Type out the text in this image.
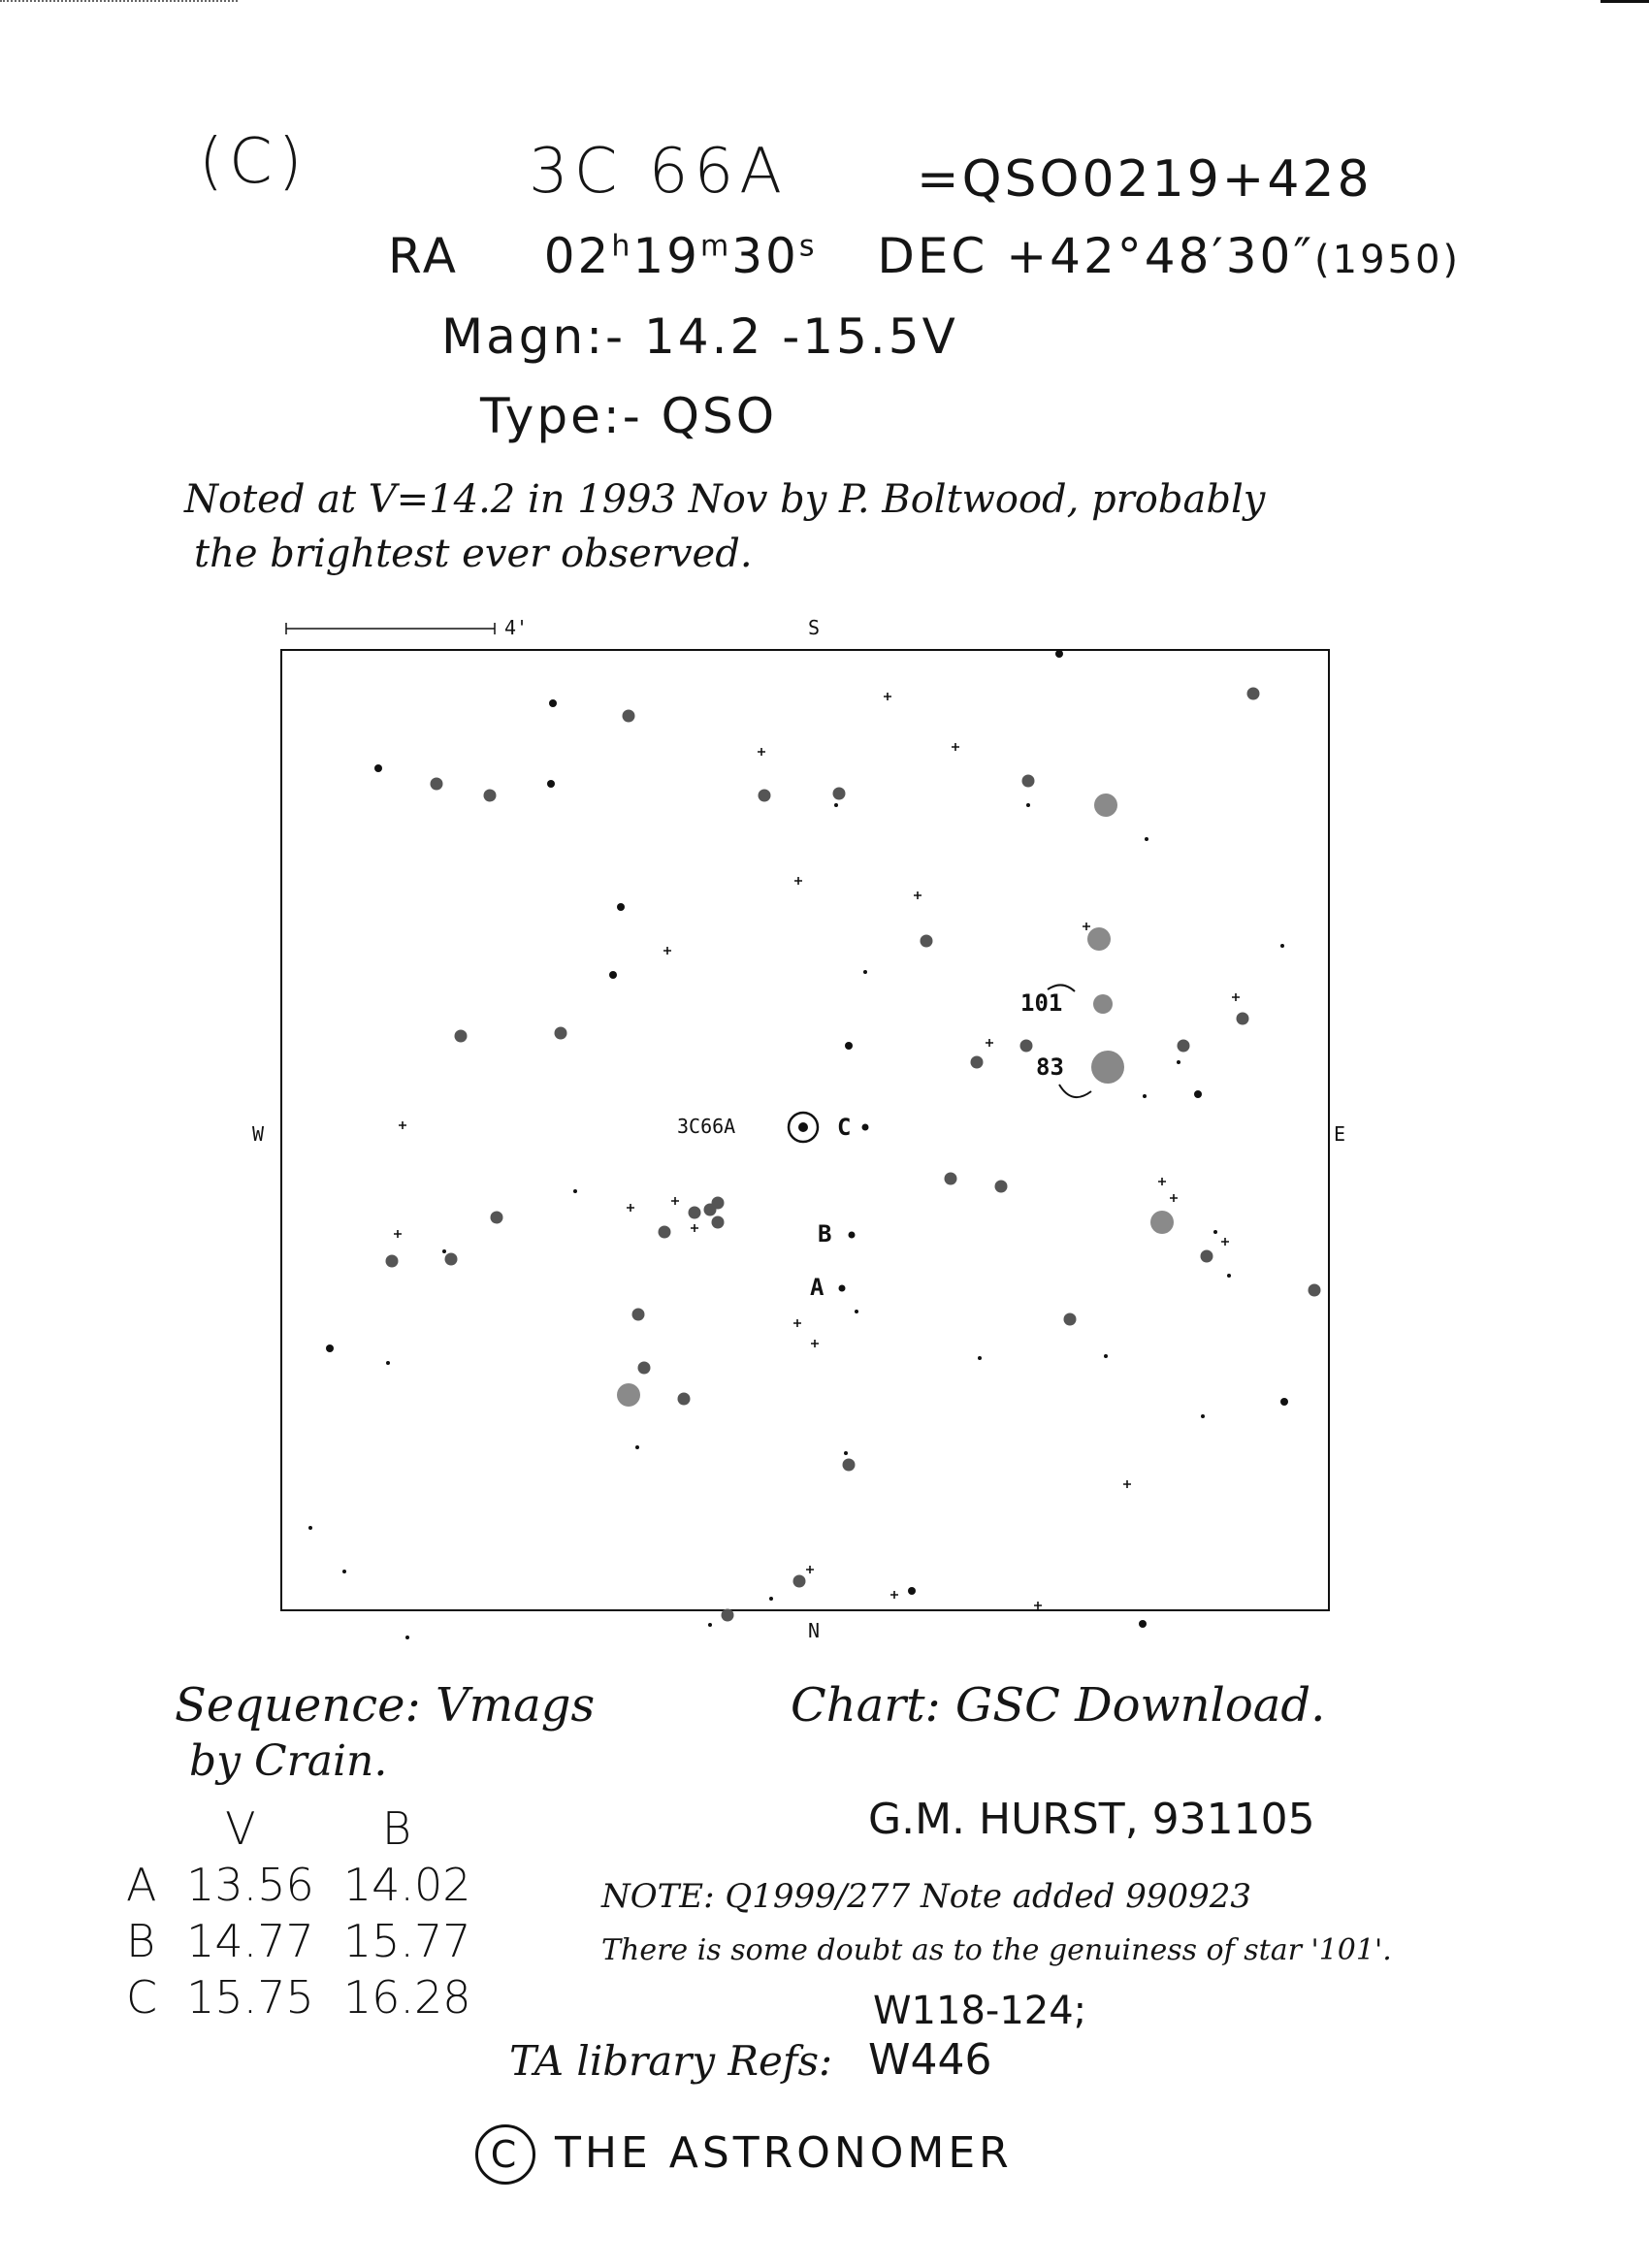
(C)	3C 66A	=QSO0219+428
RA 02$^h$19$^m$30$^s$ DEC +42°48′30″(1950)
Magn:- 14.2 -15.5V
Type:- QSO
Noted at V=14.2 in 1993 Nov by P. Boltwood, probably
the brightest ever observed.
4'	S
N
W	E
3C66A	C
B
A
101
83
Sequence: Vmags
by Crain.
Chart: GSC Download.
G.M. HURST, 931105
	V	B
A	13.56	14.02
B	14.77	15.77
C	15.75	16.28
NOTE: Q1999/277 Note added 990923
There is some doubt as to the genuiness of star '101'.
W118-124;
TA library Refs: W446
C THE ASTRONOMER
